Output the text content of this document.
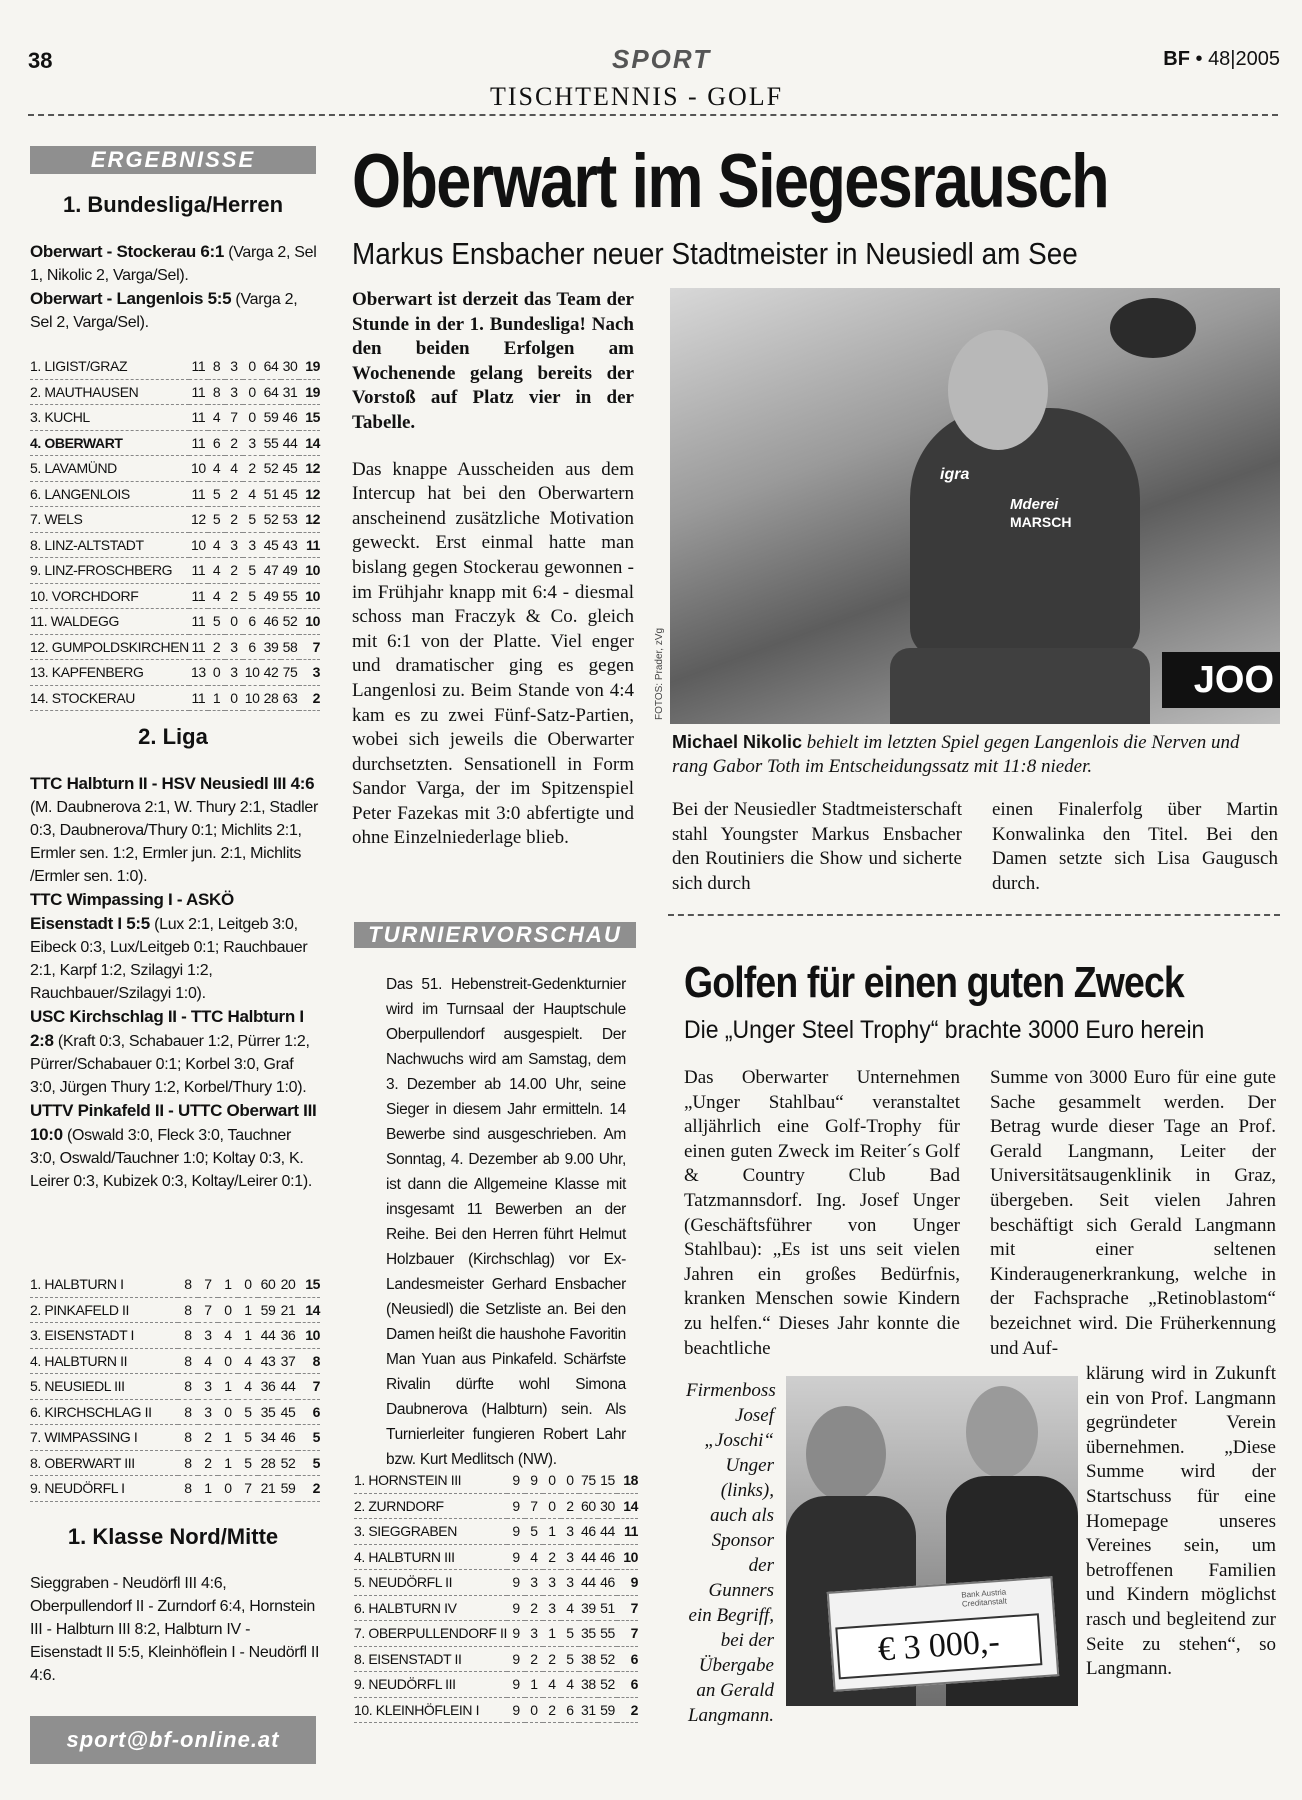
38	SPORT	BF • 48|2005
TISCHTENNIS - GOLF
ERGEBNISSE
1. Bundesliga/Herren
Oberwart - Stockerau 6:1 (Varga 2, Sel 1, Nikolic 2, Varga/Sel).
Oberwart - Langenlois 5:5 (Varga 2, Sel 2, Varga/Sel).
1. LIGIST/GRAZ	11	8	3	0	64	30	19
2. MAUTHAUSEN	11	8	3	0	64	31	19
3. KUCHL	11	4	7	0	59	46	15
4. OBERWART	11	6	2	3	55	44	14
5. LAVAMÜND	10	4	4	2	52	45	12
6. LANGENLOIS	11	5	2	4	51	45	12
7. WELS	12	5	2	5	52	53	12
8. LINZ-ALTSTADT	10	4	3	3	45	43	11
9. LINZ-FROSCHBERG	11	4	2	5	47	49	10
10. VORCHDORF	11	4	2	5	49	55	10
11. WALDEGG	11	5	0	6	46	52	10
12. GUMPOLDSKIRCHEN	11	2	3	6	39	58	7
13. KAPFENBERG	13	0	3	10	42	75	3
14. STOCKERAU	11	1	0	10	28	63	2
2. Liga
TTC Halbturn II - HSV Neusiedl III 4:6 (M. Daubnerova 2:1, W. Thury 2:1, Stadler 0:3, Daubnerova/Thury 0:1; Michlits 2:1, Ermler sen. 1:2, Ermler jun. 2:1, Michlits /Ermler sen. 1:0).
TTC Wimpassing I - ASKÖ Eisenstadt I 5:5 (Lux 2:1, Leitgeb 3:0, Eibeck 0:3, Lux/Leitgeb 0:1; Rauchbauer 2:1, Karpf 1:2, Szilagyi 1:2, Rauchbauer/Szilagyi 1:0).
USC Kirchschlag II - TTC Halbturn I 2:8 (Kraft 0:3, Schabauer 1:2, Pürrer 1:2, Pürrer/Schabauer 0:1; Korbel 3:0, Graf 3:0, Jürgen Thury 1:2, Korbel/Thury 1:0).
UTTV Pinkafeld II - UTTC Oberwart III 10:0 (Oswald 3:0, Fleck 3:0, Tauchner 3:0, Oswald/Tauchner 1:0; Koltay 0:3, K. Leirer 0:3, Kubizek 0:3, Koltay/Leirer 0:1).
1. HALBTURN I	8	7	1	0	60	20	15
2. PINKAFELD II	8	7	0	1	59	21	14
3. EISENSTADT I	8	3	4	1	44	36	10
4. HALBTURN II	8	4	0	4	43	37	8
5. NEUSIEDL III	8	3	1	4	36	44	7
6. KIRCHSCHLAG II	8	3	0	5	35	45	6
7. WIMPASSING I	8	2	1	5	34	46	5
8. OBERWART III	8	2	1	5	28	52	5
9. NEUDÖRFL I	8	1	0	7	21	59	2
1. Klasse Nord/Mitte
Sieggraben - Neudörfl III 4:6, Oberpullendorf II - Zurndorf 6:4, Hornstein III - Halbturn III 8:2, Halbturn IV - Eisenstadt II 5:5, Kleinhöflein I - Neudörfl II 4:6.
sport@bf-online.at
Oberwart im Siegesrausch
Markus Ensbacher neuer Stadtmeister in Neusiedl am See
Oberwart ist derzeit das Team der Stunde in der 1. Bundesliga! Nach den beiden Erfolgen am Wochenende gelang bereits der Vorstoß auf Platz vier in der Tabelle.
Das knappe Ausscheiden aus dem Intercup hat bei den Oberwartern anscheinend zusätzliche Motivation geweckt. Erst einmal hatte man bislang gegen Stockerau gewonnen - im Frühjahr knapp mit 6:4 - diesmal schoss man Fraczyk & Co. gleich mit 6:1 von der Platte. Viel enger und dramatischer ging es gegen Langenlosi zu. Beim Stande von 4:4 kam es zu zwei Fünf-Satz-Partien, wobei sich jeweils die Oberwarter durchsetzten. Sensationell in Form Sandor Varga, der im Spitzenspiel Peter Fazekas mit 3:0 abfertigte und ohne Einzelniederlage blieb.
igra
Mderei
MARSCH
JOO
FOTOS: Prader, zVg
Michael Nikolic behielt im letzten Spiel gegen Langenlois die Nerven und rang Gabor Toth im Entscheidungssatz mit 11:8 nieder.
Bei der Neusiedler Stadtmeisterschaft stahl Youngster Markus Ensbacher den Routiniers die Show und sicherte sich durch
einen Finalerfolg über Martin Konwalinka den Titel. Bei den Damen setzte sich Lisa Gaugusch durch.
TURNIERVORSCHAU
Das 51. Hebenstreit-Gedenkturnier wird im Turnsaal der Hauptschule Oberpullendorf ausgespielt. Der Nachwuchs wird am Samstag, dem 3. Dezember ab 14.00 Uhr, seine Sieger in diesem Jahr ermitteln. 14 Bewerbe sind ausgeschrieben. Am Sonntag, 4. Dezember ab 9.00 Uhr, ist dann die Allgemeine Klasse mit insgesamt 11 Bewerben an der Reihe. Bei den Herren führt Helmut Holzbauer (Kirchschlag) vor Ex-Landesmeister Gerhard Ensbacher (Neusiedl) die Setzliste an. Bei den Damen heißt die haushohe Favoritin Man Yuan aus Pinkafeld. Schärfste Rivalin dürfte wohl Simona Daubnerova (Halbturn) sein. Als Turnierleiter fungieren Robert Lahr bzw. Kurt Medlitsch (NW).
1. HORNSTEIN III	9	9	0	0	75	15	18
2. ZURNDORF	9	7	0	2	60	30	14
3. SIEGGRABEN	9	5	1	3	46	44	11
4. HALBTURN III	9	4	2	3	44	46	10
5. NEUDÖRFL II	9	3	3	3	44	46	9
6. HALBTURN IV	9	2	3	4	39	51	7
7. OBERPULLENDORF II	9	3	1	5	35	55	7
8. EISENSTADT II	9	2	2	5	38	52	6
9. NEUDÖRFL III	9	1	4	4	38	52	6
10. KLEINHÖFLEIN I	9	0	2	6	31	59	2
Golfen für einen guten Zweck
Die „Unger Steel Trophy“ brachte 3000 Euro herein
Das Oberwarter Unternehmen „Unger Stahlbau“ veranstaltet alljährlich eine Golf-Trophy für einen guten Zweck im Reiter´s Golf & Country Club Bad Tatzmannsdorf. Ing. Josef Unger (Geschäftsführer von Unger Stahlbau): „Es ist uns seit vielen Jahren ein großes Bedürfnis, kranken Menschen sowie Kindern zu helfen.“ Dieses Jahr konnte die beachtliche
Summe von 3000 Euro für eine gute Sache gesammelt werden. Der Betrag wurde dieser Tage an Prof. Gerald Langmann, Leiter der Universitätsaugenklinik in Graz, übergeben. Seit vielen Jahren beschäftigt sich Gerald Langmann mit einer seltenen Kinderaugenerkrankung, welche in der Fachsprache „Retinoblastom“ bezeichnet wird. Die Früherkennung und Auf-
klärung wird in Zukunft ein von Prof. Langmann gegründeter Verein übernehmen. „Diese Summe wird der Startschuss für eine Homepage unseres Vereines sein, um betroffenen Familien und Kindern möglichst rasch und begleitend zur Seite zu stehen“, so Langmann.
Firmenboss Josef „Joschi“ Unger (links), auch als Sponsor der Gunners ein Begriff, bei der Übergabe an Gerald Langmann.
Bank Austria Creditanstalt
€ 3 000,-
